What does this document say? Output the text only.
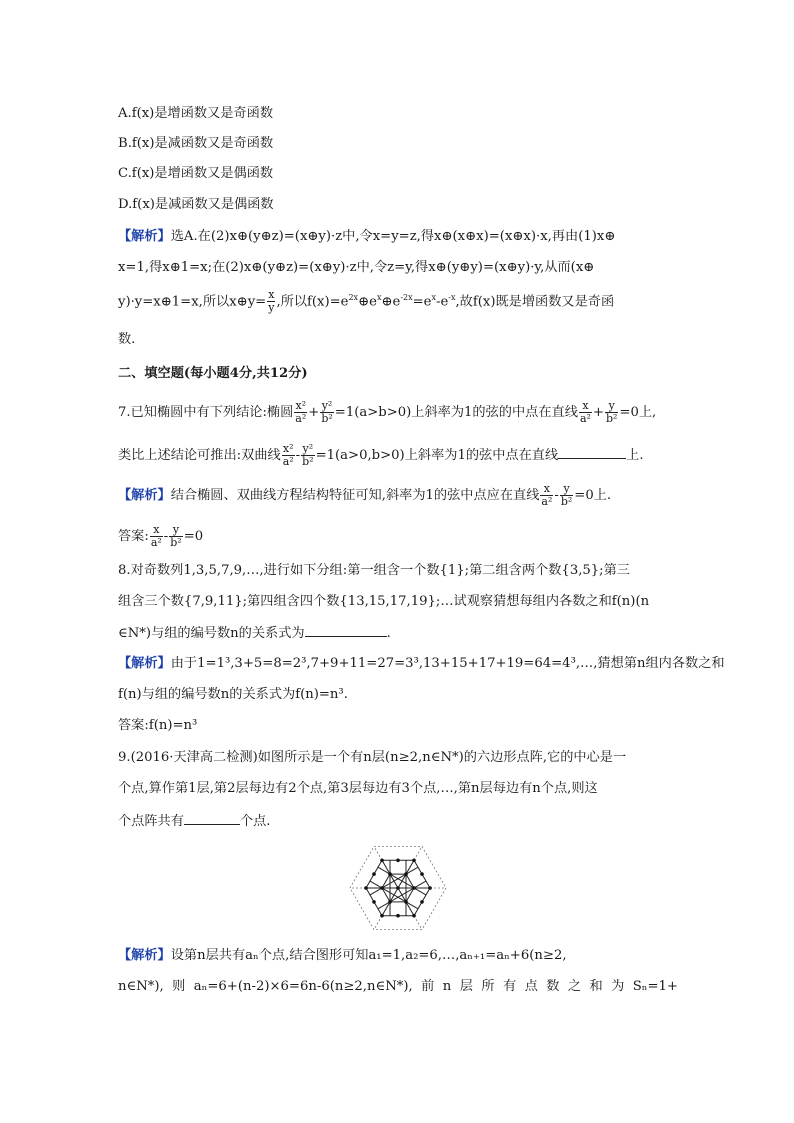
A.f(x)是增函数又是奇函数
B.f(x)是减函数又是奇函数
C.f(x)是增函数又是偶函数
D.f(x)是减函数又是偶函数
【解析】选A.在(2)x⊕(y⊕z)=(x⊕y)·z中,令x=y=z,得x⊕(x⊕x)=(x⊕x)·x,再由(1)x⊕
x=1,得x⊕1=x;在(2)x⊕(y⊕z)=(x⊕y)·z中,令z=y,得x⊕(y⊕y)=(x⊕y)·y,从而(x⊕
y)·y=x⊕1=x,所以x⊕y= $\frac{x}{y}$ ,所以$f(x)=e^{2x}\oplus e^x\oplus e^{-2x}=e^x-e^{-x}$,故f(x)既是增函数又是奇函
数.
二、填空题(每小题4分,共12分)
7.已知椭圆中有下列结论:椭圆 $\frac{\text{x²}}{\text{a²}} + \frac{\text{y²}}{\text{b²}} =1(a>b>0)$上斜率为1的弦的中点在直线 $\frac{x}{\text{a²}} + \frac{y}{\text{b²}} =0$上,
类比上述结论可推出:双曲线 $\frac{\text{x²}}{\text{a²}} - \frac{\text{y²}}{\text{b²}} =1(a>0,b>0)$上斜率为1的弦中点在直线	上.
【解析】结合椭圆、双曲线方程结构特征可知,斜率为1的弦中点应在直线 $\frac{x}{\text{a²}} - \frac{y}{\text{b²}} =0$上.
答案: $\frac{x}{\text{a²}} - \frac{y}{\text{b²}} =0$
8.对奇数列1,3,5,7,9,…,进行如下分组:第一组含一个数{1};第二组含两个数{3,5};第三
组含三个数{7,9,11};第四组含四个数{13,15,17,19};…试观察猜想每组内各数之和f(n)(n
∈N*)与组的编号数n的关系式为	.
【解析】由于1=1³,3+5=8=2³,7+9+11=27=3³,13+15+17+19=64=4³,…,猜想第n组内各数之和
f(n)与组的编号数n的关系式为f(n)=n³.
答案:f(n)=n³
9.(2016·天津高二检测)如图所示是一个有n层(n≥2,n∈N*)的六边形点阵,它的中心是一
个点,算作第1层,第2层每边有2个点,第3层每边有3个点,…,第n层每边有n个点,则这
个点阵共有	个点.
【解析】设第n层共有aₙ个点,结合图形可知a₁=1,a₂=6,…,aₙ₊₁=aₙ+6(n≥2,
n∈N*), 则 aₙ=6+(n-2)×6=6n-6(n≥2,n∈N*), 前 n 层 所 有 点 数 之 和 为 Sₙ=1+
